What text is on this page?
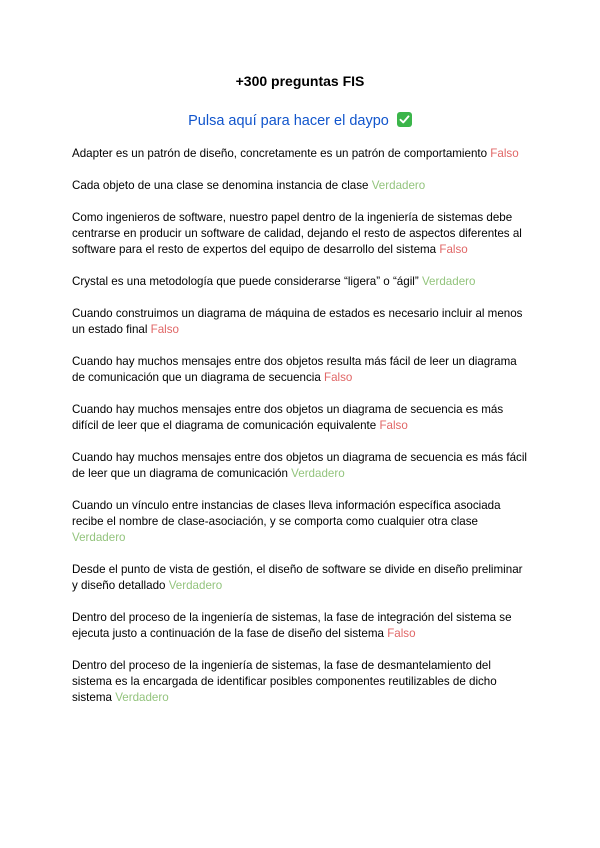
+300 preguntas FIS
Pulsa aquí para hacer el daypo
Adapter es un patrón de diseño, concretamente es un patrón de comportamiento Falso
Cada objeto de una clase se denomina instancia de clase Verdadero
Como ingenieros de software, nuestro papel dentro de la ingeniería de sistemas debe centrarse en producir un software de calidad, dejando el resto de aspectos diferentes al software para el resto de expertos del equipo de desarrollo del sistema Falso
Crystal es una metodología que puede considerarse “ligera” o “ágil” Verdadero
Cuando construimos un diagrama de máquina de estados es necesario incluir al menos un estado final Falso
Cuando hay muchos mensajes entre dos objetos resulta más fácil de leer un diagrama de comunicación que un diagrama de secuencia Falso
Cuando hay muchos mensajes entre dos objetos un diagrama de secuencia es más difícil de leer que el diagrama de comunicación equivalente Falso
Cuando hay muchos mensajes entre dos objetos un diagrama de secuencia es más fácil de leer que un diagrama de comunicación Verdadero
Cuando un vínculo entre instancias de clases lleva información específica asociada recibe el nombre de clase-asociación, y se comporta como cualquier otra clase Verdadero
Desde el punto de vista de gestión, el diseño de software se divide en diseño preliminar y diseño detallado Verdadero
Dentro del proceso de la ingeniería de sistemas, la fase de integración del sistema se ejecuta justo a continuación de la fase de diseño del sistema Falso
Dentro del proceso de la ingeniería de sistemas, la fase de desmantelamiento del sistema es la encargada de identificar posibles componentes reutilizables de dicho sistema Verdadero
